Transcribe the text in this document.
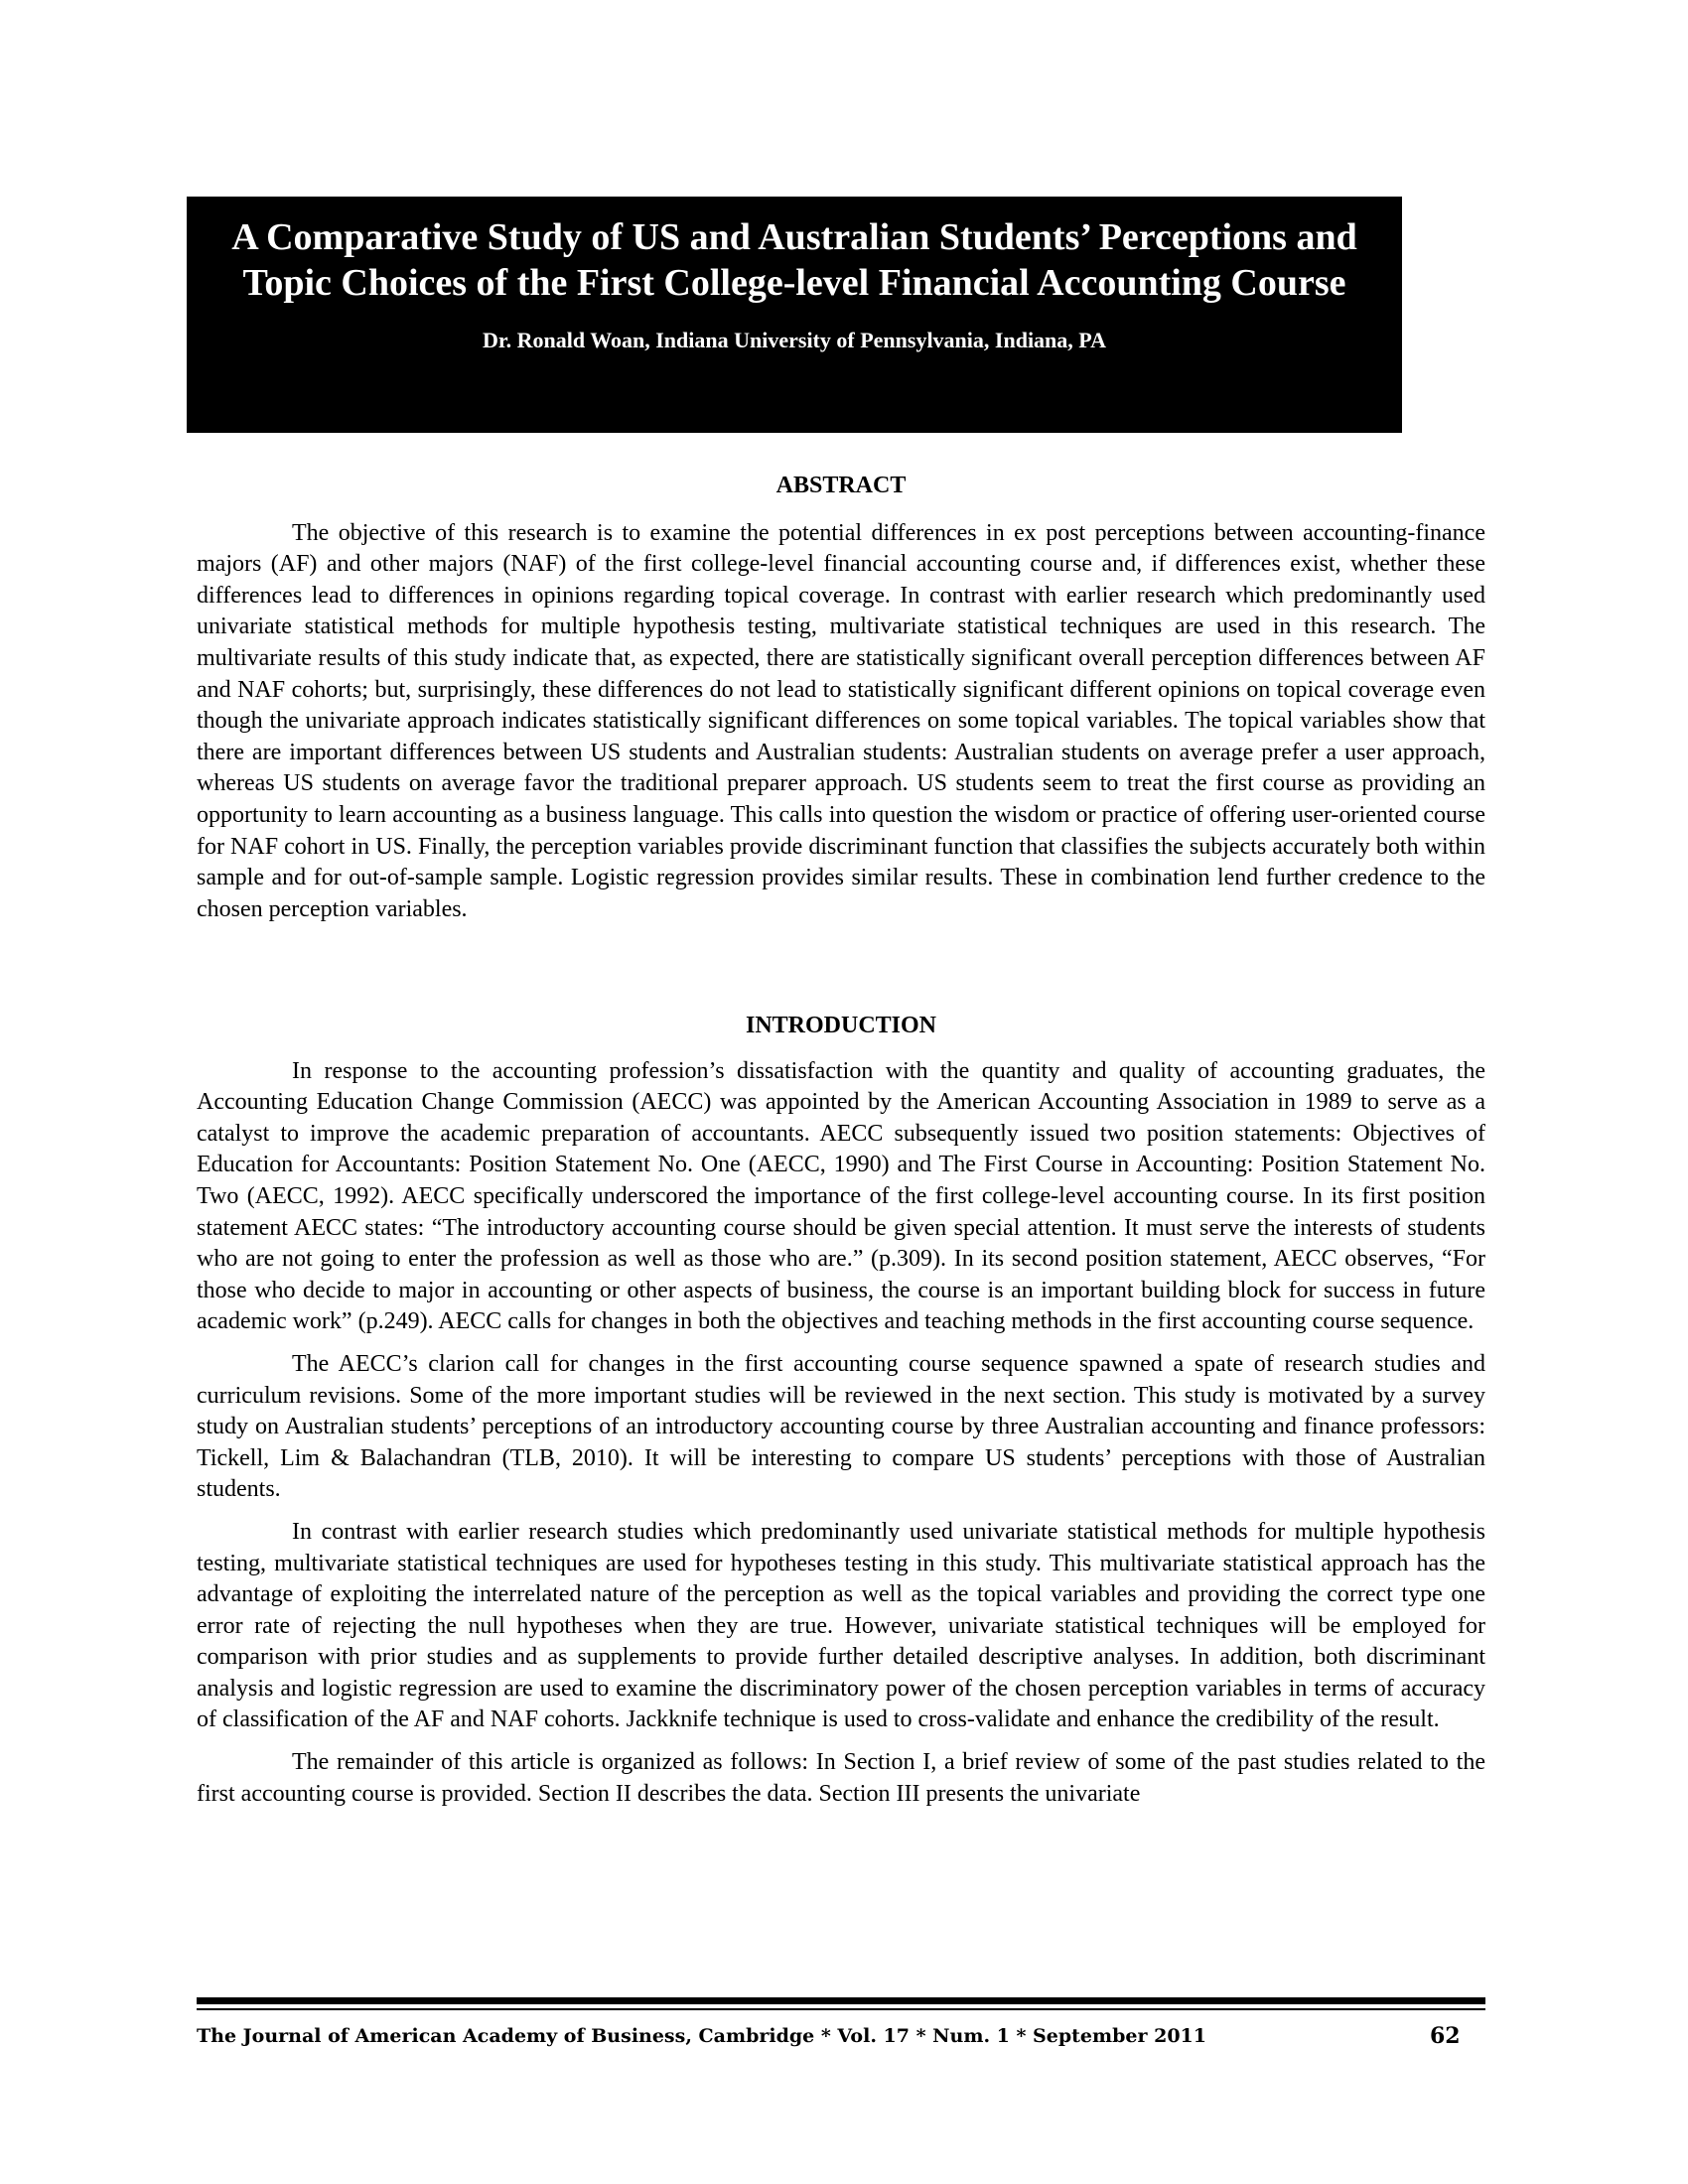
A Comparative Study of US and Australian Students’ Perceptions and Topic Choices of the First College-level Financial Accounting Course
Dr. Ronald Woan, Indiana University of Pennsylvania, Indiana, PA

ABSTRACT

The objective of this research is to examine the potential differences in ex post perceptions between accounting-finance majors (AF) and other majors (NAF) of the first college-level financial accounting course and, if differences exist, whether these differences lead to differences in opinions regarding topical coverage. In contrast with earlier research which predominantly used univariate statistical methods for multiple hypothesis testing, multivariate statistical techniques are used in this research. The multivariate results of this study indicate that, as expected, there are statistically significant overall perception differences between AF and NAF cohorts; but, surprisingly, these differences do not lead to statistically significant different opinions on topical coverage even though the univariate approach indicates statistically significant differences on some topical variables. The topical variables show that there are important differences between US students and Australian students: Australian students on average prefer a user approach, whereas US students on average favor the traditional preparer approach. US students seem to treat the first course as providing an opportunity to learn accounting as a business language. This calls into question the wisdom or practice of offering user-oriented course for NAF cohort in US. Finally, the perception variables provide discriminant function that classifies the subjects accurately both within sample and for out-of-sample sample. Logistic regression provides similar results. These in combination lend further credence to the chosen perception variables.

INTRODUCTION

In response to the accounting profession’s dissatisfaction with the quantity and quality of accounting graduates, the Accounting Education Change Commission (AECC) was appointed by the American Accounting Association in 1989 to serve as a catalyst to improve the academic preparation of accountants. AECC subsequently issued two position statements: Objectives of Education for Accountants: Position Statement No. One (AECC, 1990) and The First Course in Accounting: Position Statement No. Two (AECC, 1992). AECC specifically underscored the importance of the first college-level accounting course. In its first position statement AECC states: “The introductory accounting course should be given special attention. It must serve the interests of students who are not going to enter the profession as well as those who are.” (p.309). In its second position statement, AECC observes, “For those who decide to major in accounting or other aspects of business, the course is an important building block for success in future academic work” (p.249). AECC calls for changes in both the objectives and teaching methods in the first accounting course sequence.

The AECC’s clarion call for changes in the first accounting course sequence spawned a spate of research studies and curriculum revisions. Some of the more important studies will be reviewed in the next section. This study is motivated by a survey study on Australian students’ perceptions of an introductory accounting course by three Australian accounting and finance professors: Tickell, Lim & Balachandran (TLB, 2010). It will be interesting to compare US students’ perceptions with those of Australian students.

In contrast with earlier research studies which predominantly used univariate statistical methods for multiple hypothesis testing, multivariate statistical techniques are used for hypotheses testing in this study. This multivariate statistical approach has the advantage of exploiting the interrelated nature of the perception as well as the topical variables and providing the correct type one error rate of rejecting the null hypotheses when they are true. However, univariate statistical techniques will be employed for comparison with prior studies and as supplements to provide further detailed descriptive analyses. In addition, both discriminant analysis and logistic regression are used to examine the discriminatory power of the chosen perception variables in terms of accuracy of classification of the AF and NAF cohorts. Jackknife technique is used to cross-validate and enhance the credibility of the result.

The remainder of this article is organized as follows: In Section I, a brief review of some of the past studies related to the first accounting course is provided. Section II describes the data. Section III presents the univariate

The Journal of American Academy of Business, Cambridge * Vol. 17 * Num. 1 * September 2011	62
